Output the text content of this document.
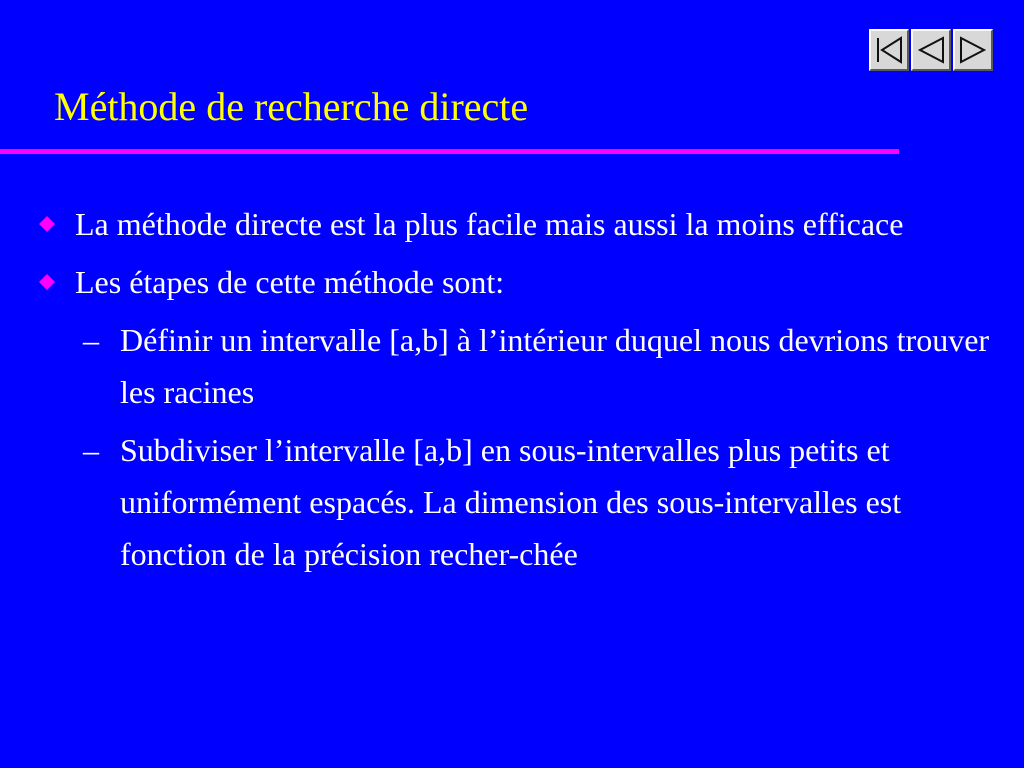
Méthode de recherche directe
La méthode directe est la plus facile mais aussi la moins efficace
Les étapes de cette méthode sont:
– Définir un intervalle [a,b] à l’intérieur duquel nous devrions trouver les racines
– Subdiviser l’intervalle [a,b] en sous-intervalles plus petits et uniformément espacés. La dimension des sous-intervalles est fonction de la précision recher-chée
